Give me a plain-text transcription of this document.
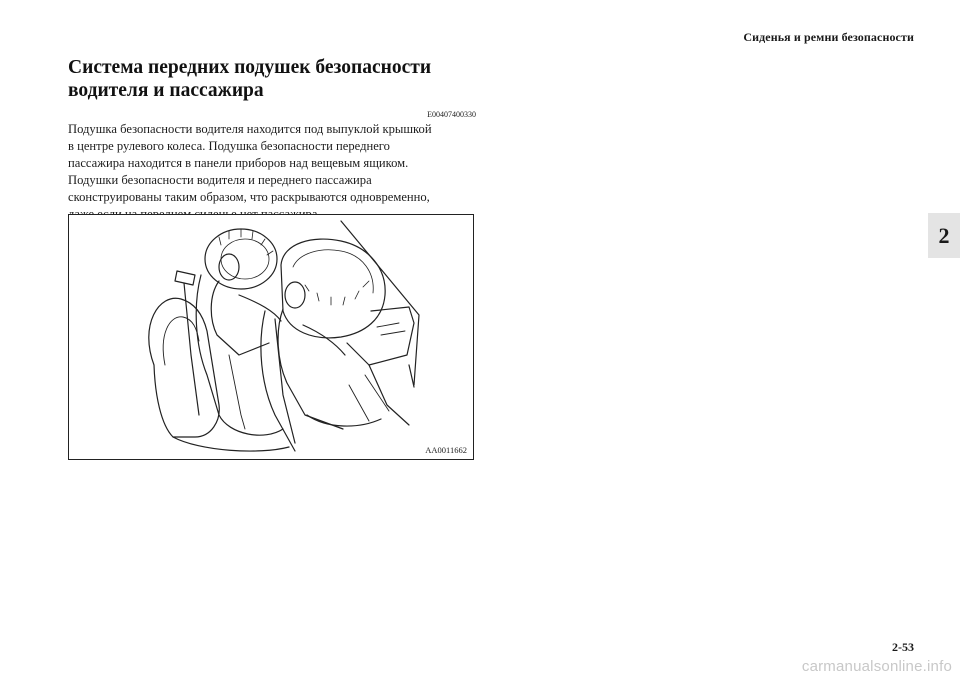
Сиденья и ремни безопасности
2
Система передних подушек безопасности
водителя и пассажира
E00407400330

Подушка безопасности водителя находится под выпуклой крышкой
в центре рулевого колеса. Подушка безопасности переднего
пассажира находится в панели приборов над вещевым ящиком.
Подушки безопасности водителя и переднего пассажира
сконструированы таким образом, что раскрываются одновременно,

AA0011662
2-53
carmanualsonline.info
